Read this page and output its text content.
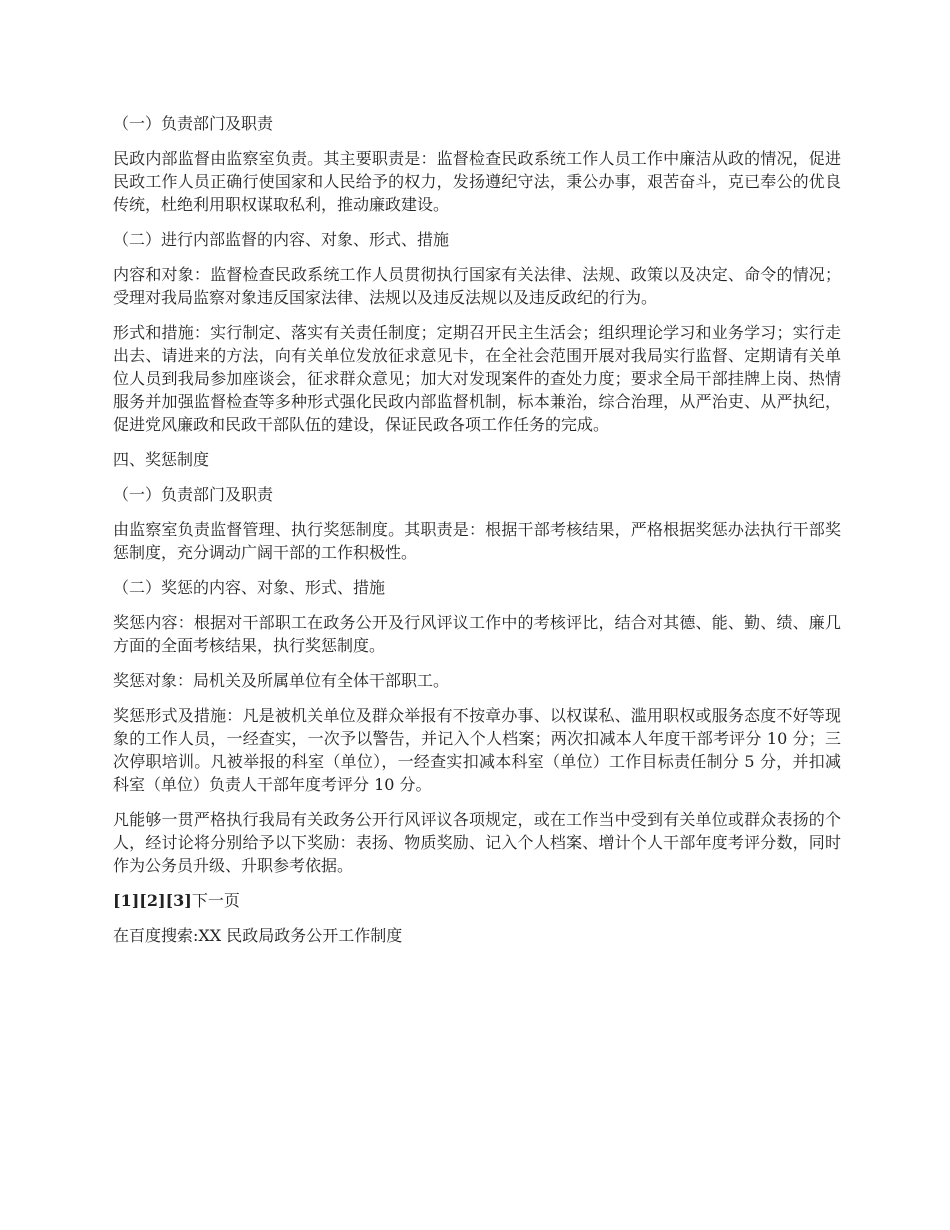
（一）负责部门及职责

民政内部监督由监察室负责。其主要职责是：监督检查民政系统工作人员工作中廉洁从政的情况，促进民政工作人员正确行使国家和人民给予的权力，发扬遵纪守法，秉公办事，艰苦奋斗，克已奉公的优良传统，杜绝利用职权谋取私利，推动廉政建设。

（二）进行内部监督的内容、对象、形式、措施

内容和对象：监督检查民政系统工作人员贯彻执行国家有关法律、法规、政策以及决定、命令的情况；受理对我局监察对象违反国家法律、法规以及违反法规以及违反政纪的行为。

形式和措施：实行制定、落实有关责任制度；定期召开民主生活会；组织理论学习和业务学习；实行走出去、请进来的方法，向有关单位发放征求意见卡，在全社会范围开展对我局实行监督、定期请有关单位人员到我局参加座谈会，征求群众意见；加大对发现案件的查处力度；要求全局干部挂牌上岗、热情服务并加强监督检查等多种形式强化民政内部监督机制，标本兼治，综合治理，从严治吏、从严执纪，促进党风廉政和民政干部队伍的建设，保证民政各项工作任务的完成。

四、奖惩制度

（一）负责部门及职责

由监察室负责监督管理、执行奖惩制度。其职责是：根据干部考核结果，严格根据奖惩办法执行干部奖惩制度，充分调动广阔干部的工作积极性。

（二）奖惩的内容、对象、形式、措施

奖惩内容：根据对干部职工在政务公开及行风评议工作中的考核评比，结合对其德、能、勤、绩、廉几方面的全面考核结果，执行奖惩制度。

奖惩对象：局机关及所属单位有全体干部职工。

奖惩形式及措施：凡是被机关单位及群众举报有不按章办事、以权谋私、滥用职权或服务态度不好等现象的工作人员，一经查实，一次予以警告，并记入个人档案；两次扣减本人年度干部考评分 10 分；三次停职培训。凡被举报的科室（单位），一经查实扣减本科室（单位）工作目标责任制分 5 分，并扣减科室（单位）负责人干部年度考评分 10 分。

凡能够一贯严格执行我局有关政务公开行风评议各项规定，或在工作当中受到有关单位或群众表扬的个人，经讨论将分别给予以下奖励：表扬、物质奖励、记入个人档案、增计个人干部年度考评分数，同时作为公务员升级、升职参考依据。

[1][2][3]下一页

在百度搜索:XX 民政局政务公开工作制度
